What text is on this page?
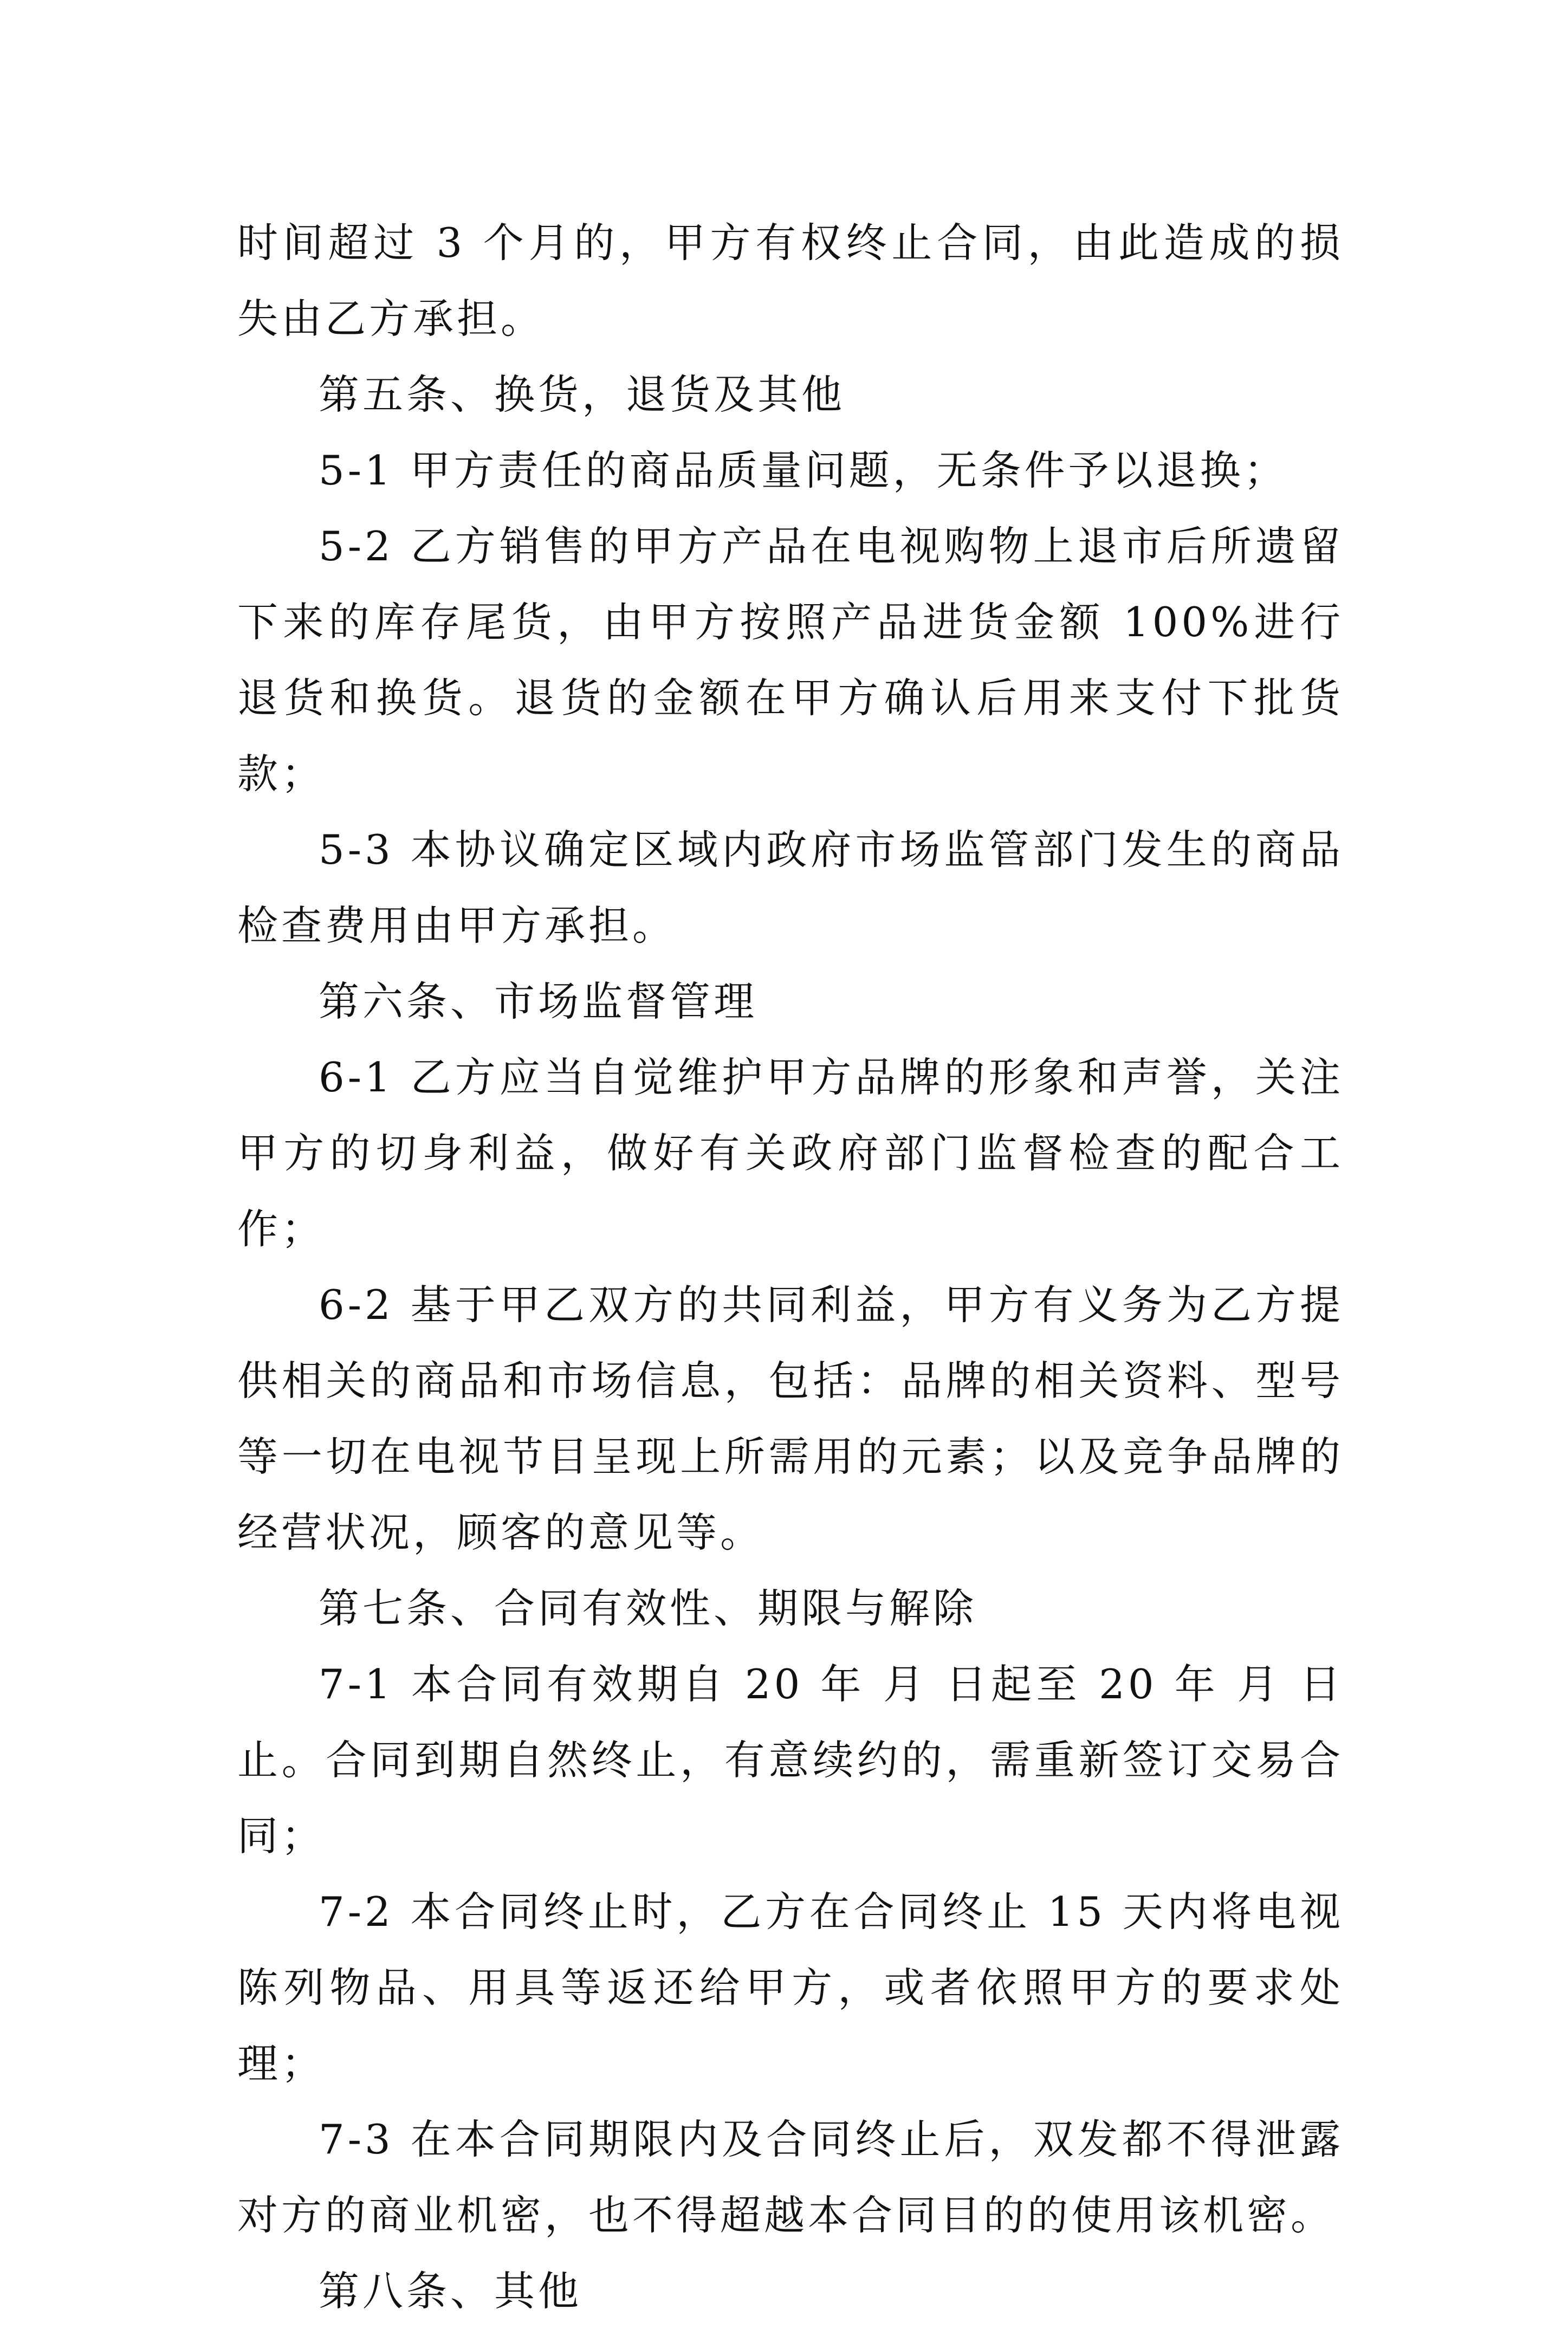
时间超过 3 个月的，甲方有权终止合同，由此造成的损失由乙方承担。

第五条、换货，退货及其他

5-1 甲方责任的商品质量问题，无条件予以退换；

5-2 乙方销售的甲方产品在电视购物上退市后所遗留下来的库存尾货，由甲方按照产品进货金额 100%进行退货和换货。退货的金额在甲方确认后用来支付下批货款；

5-3 本协议确定区域内政府市场监管部门发生的商品检查费用由甲方承担。

第六条、市场监督管理

6-1 乙方应当自觉维护甲方品牌的形象和声誉，关注甲方的切身利益，做好有关政府部门监督检查的配合工作；

6-2 基于甲乙双方的共同利益，甲方有义务为乙方提供相关的商品和市场信息，包括：品牌的相关资料、型号等一切在电视节目呈现上所需用的元素；以及竞争品牌的经营状况，顾客的意见等。

第七条、合同有效性、期限与解除

7-1 本合同有效期自 20 年 月 日起至 20 年 月 日止。合同到期自然终止，有意续约的，需重新签订交易合同；

7-2 本合同终止时，乙方在合同终止 15 天内将电视陈列物品、用具等返还给甲方，或者依照甲方的要求处理；

7-3 在本合同期限内及合同终止后，双发都不得泄露对方的商业机密，也不得超越本合同目的的使用该机密。

第八条、其他
